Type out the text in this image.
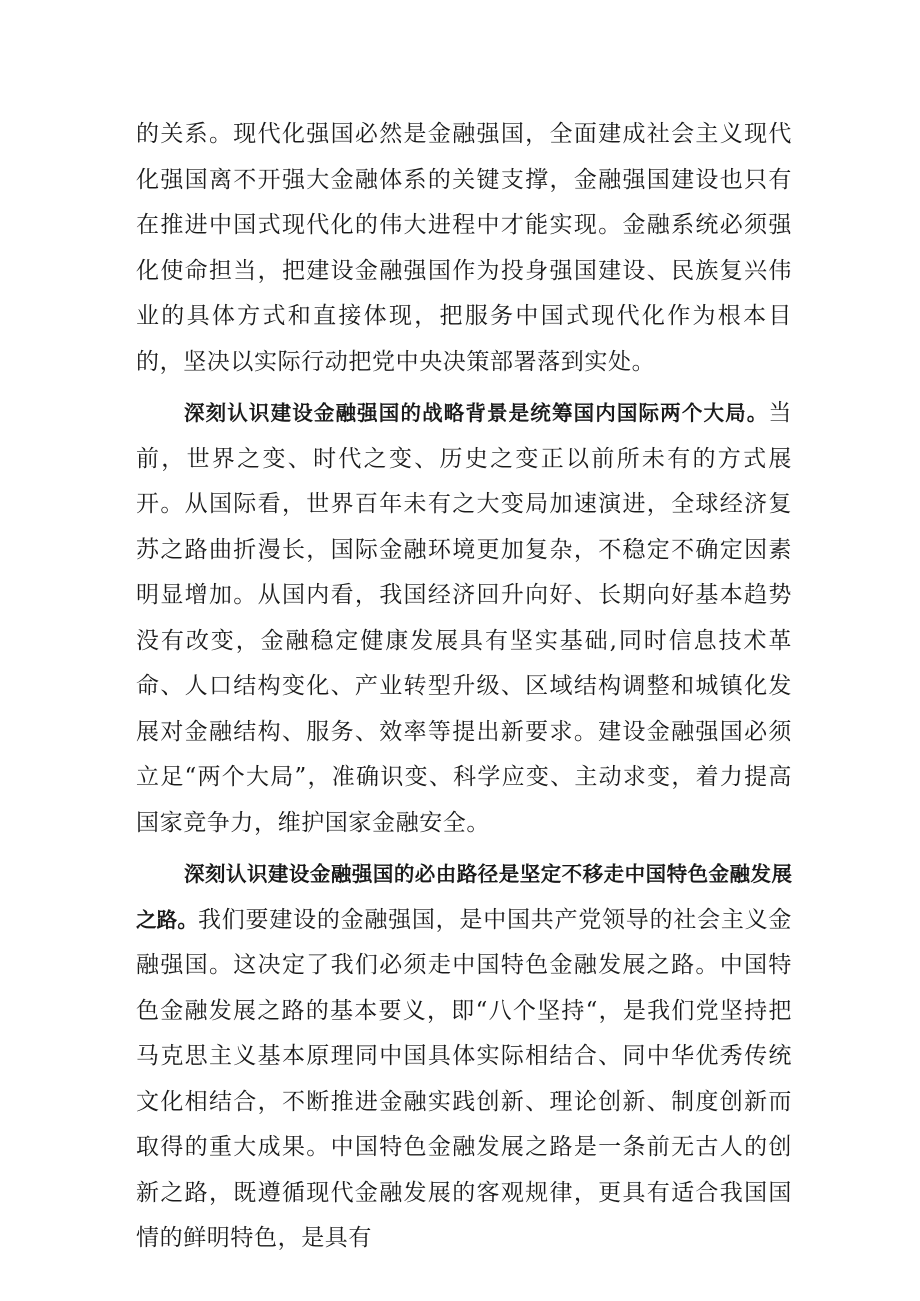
的关系。现代化强国必然是金融强国，全面建成社会主义现代化强国离不开强大金融体系的关键支撑，金融强国建设也只有在推进中国式现代化的伟大进程中才能实现。金融系统必须强化使命担当，把建设金融强国作为投身强国建设、民族复兴伟业的具体方式和直接体现，把服务中国式现代化作为根本目的，坚决以实际行动把党中央决策部署落到实处。

深刻认识建设金融强国的战略背景是统筹国内国际两个大局。当前，世界之变、时代之变、历史之变正以前所未有的方式展开。从国际看，世界百年未有之大变局加速演进，全球经济复苏之路曲折漫长，国际金融环境更加复杂，不稳定不确定因素明显增加。从国内看，我国经济回升向好、长期向好基本趋势没有改变，金融稳定健康发展具有坚实基础,同时信息技术革命、人口结构变化、产业转型升级、区域结构调整和城镇化发展对金融结构、服务、效率等提出新要求。建设金融强国必须立足“两个大局”，准确识变、科学应变、主动求变，着力提高国家竞争力，维护国家金融安全。

深刻认识建设金融强国的必由路径是坚定不移走中国特色金融发展之路。我们要建设的金融强国，是中国共产党领导的社会主义金融强国。这决定了我们必须走中国特色金融发展之路。中国特色金融发展之路的基本要义，即“八个坚持“，是我们党坚持把马克思主义基本原理同中国具体实际相结合、同中华优秀传统文化相结合，不断推进金融实践创新、理论创新、制度创新而取得的重大成果。中国特色金融发展之路是一条前无古人的创新之路，既遵循现代金融发展的客观规律，更具有适合我国国情的鲜明特色，是具有
